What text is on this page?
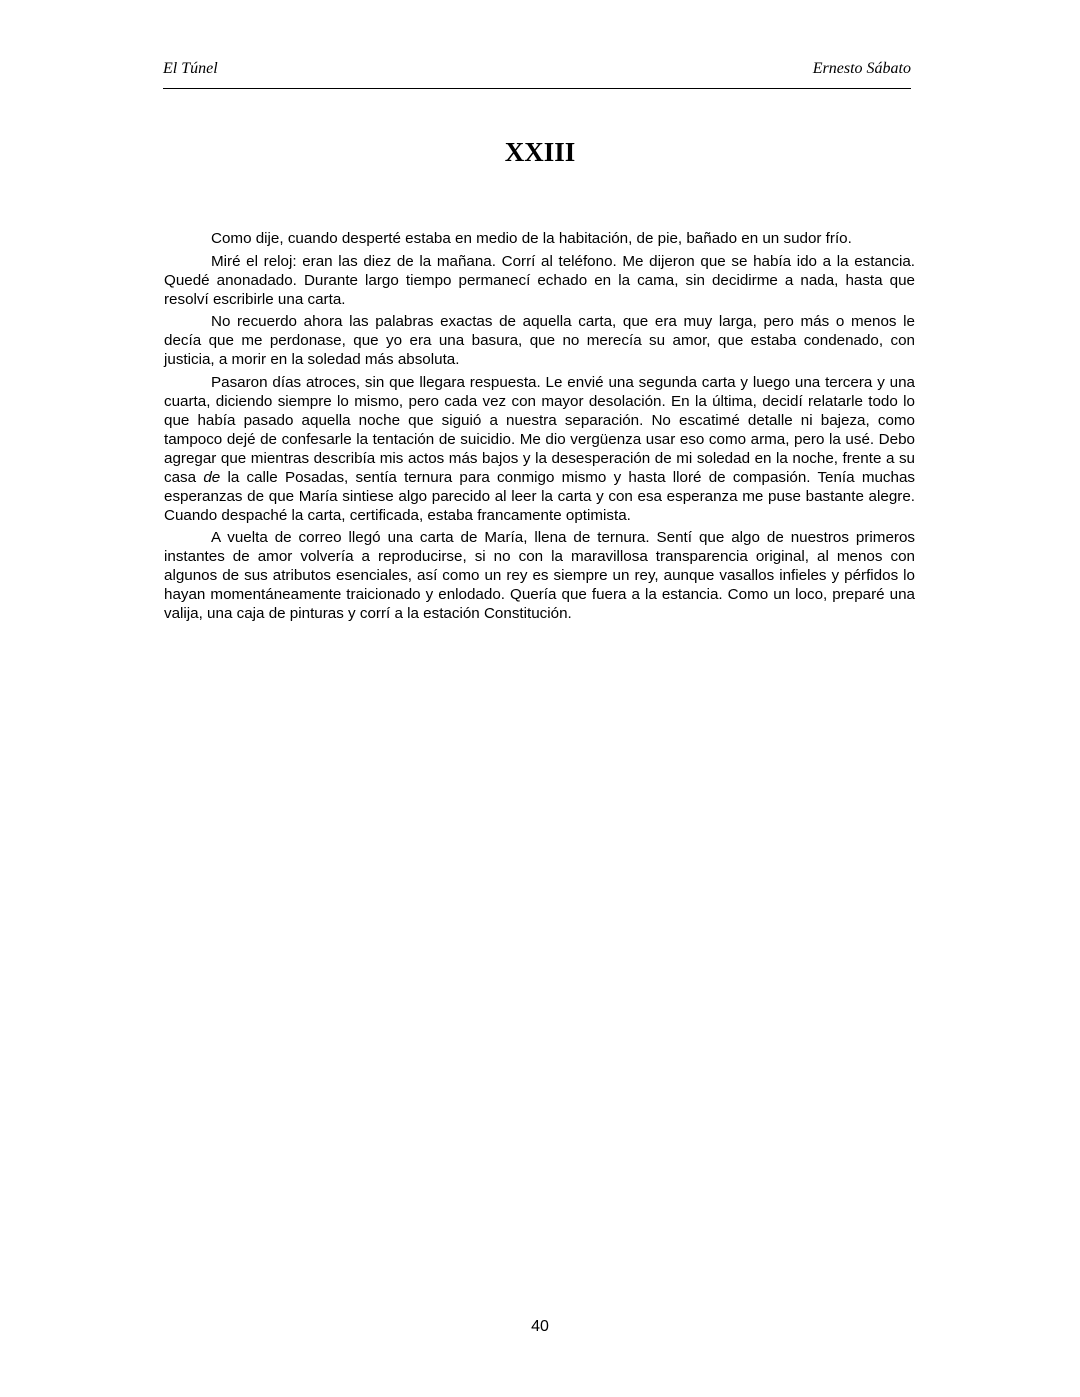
El Túnel	Ernesto Sábato
XXIII

Como dije, cuando desperté estaba en medio de la habitación, de pie, bañado en un sudor frío.

Miré el reloj: eran las diez de la mañana. Corrí al teléfono. Me dijeron que se había ido a la estancia. Quedé anonadado. Durante largo tiempo permanecí echado en la cama, sin decidirme a nada, hasta que resolví escribirle una carta.

No recuerdo ahora las palabras exactas de aquella carta, que era muy larga, pero más o menos le decía que me perdonase, que yo era una basura, que no merecía su amor, que estaba condenado, con justicia, a morir en la soledad más absoluta.

Pasaron días atroces, sin que llegara respuesta. Le envié una segunda carta y luego una tercera y una cuarta, diciendo siempre lo mismo, pero cada vez con mayor desolación. En la última, decidí relatarle todo lo que había pasado aquella noche que siguió a nuestra separación. No escatimé detalle ni bajeza, como tampoco dejé de confesarle la tentación de suicidio. Me dio vergüenza usar eso como arma, pero la usé. Debo agregar que mientras describía mis actos más bajos y la desesperación de mi soledad en la noche, frente a su casa de la calle Posadas, sentía ternura para conmigo mismo y hasta lloré de compasión. Tenía muchas esperanzas de que María sintiese algo parecido al leer la carta y con esa esperanza me puse bastante alegre. Cuando despaché la carta, certificada, estaba francamente optimista.

A vuelta de correo llegó una carta de María, llena de ternura. Sentí que algo de nuestros primeros instantes de amor volvería a reproducirse, si no con la maravillosa transparencia original, al menos con algunos de sus atributos esenciales, así como un rey es siempre un rey, aunque vasallos infieles y pérfidos lo hayan momentáneamente traicionado y enlodado. Quería que fuera a la estancia. Como un loco, preparé una valija, una caja de pinturas y corrí a la estación Constitución.

40
